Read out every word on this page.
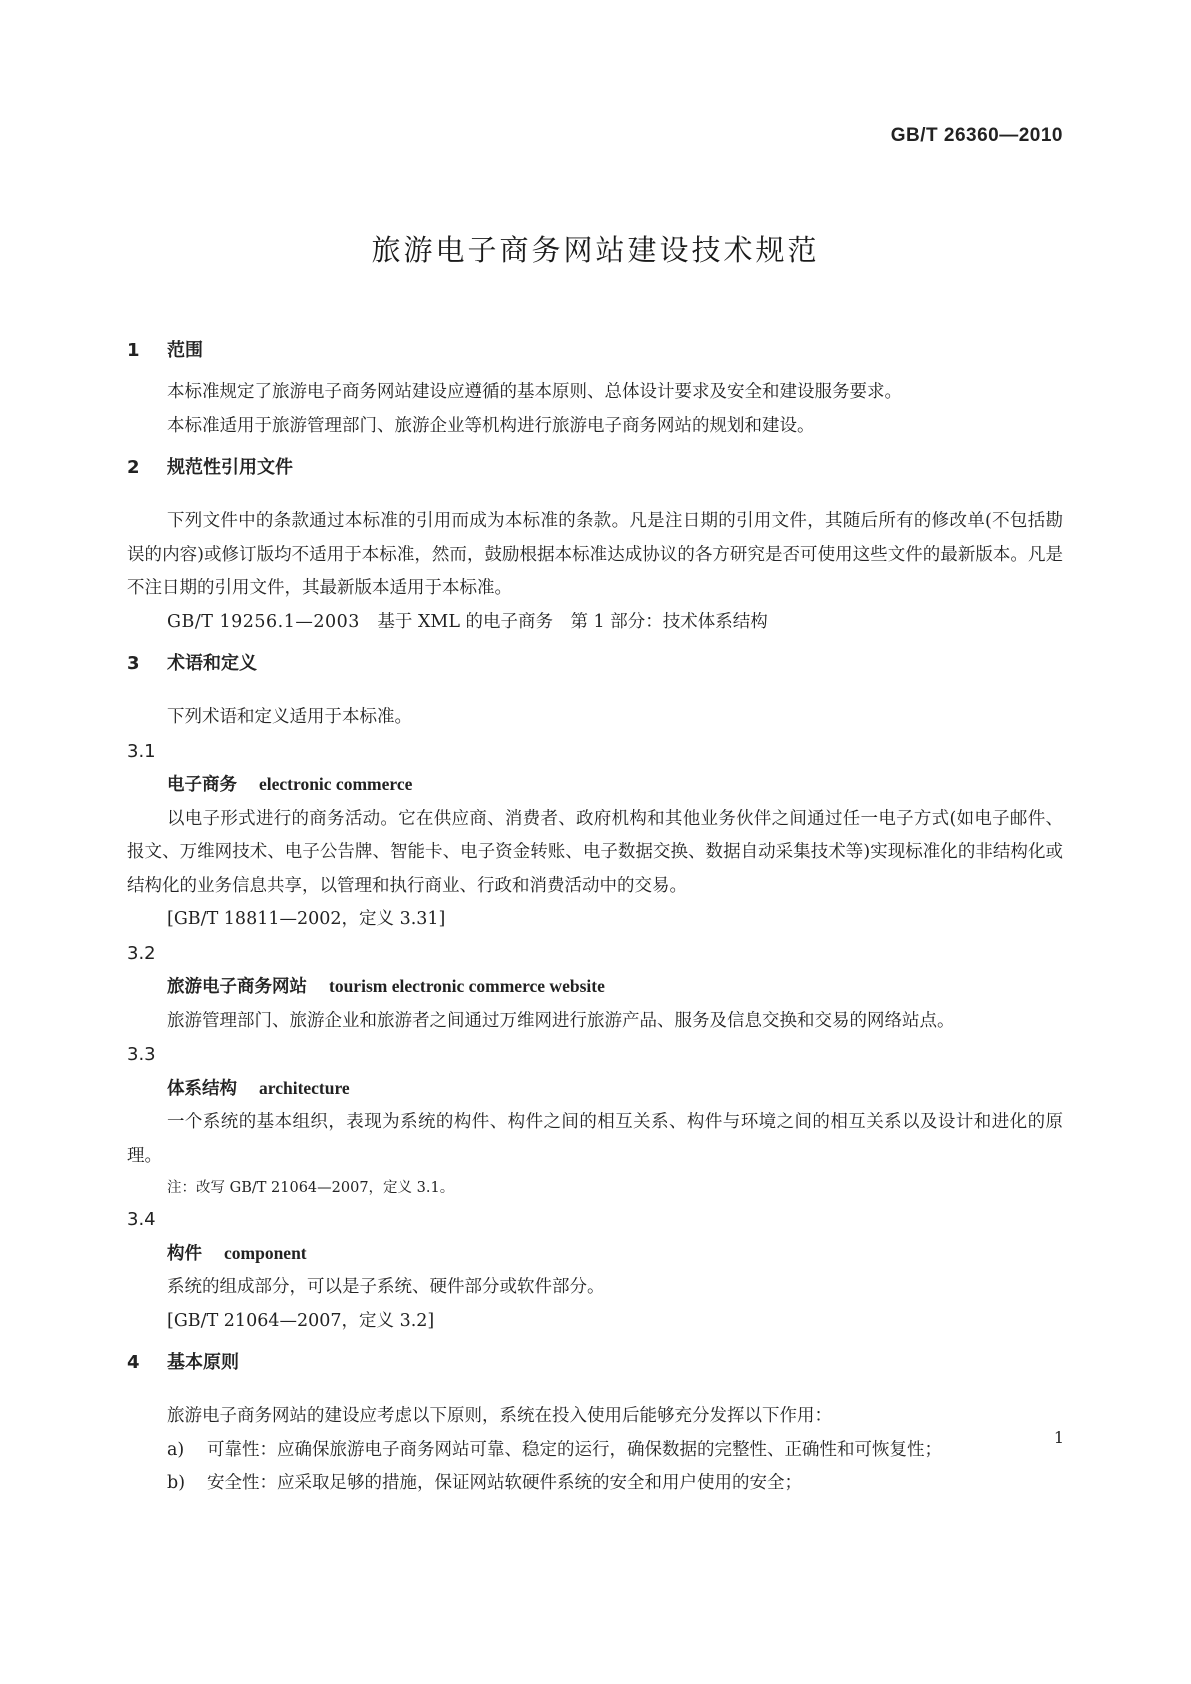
GB/T 26360—2010
旅游电子商务网站建设技术规范
1 范围

本标准规定了旅游电子商务网站建设应遵循的基本原则、总体设计要求及安全和建设服务要求。

本标准适用于旅游管理部门、旅游企业等机构进行旅游电子商务网站的规划和建设。

2 规范性引用文件

下列文件中的条款通过本标准的引用而成为本标准的条款。凡是注日期的引用文件，其随后所有的修改单(不包括勘误的内容)或修订版均不适用于本标准，然而，鼓励根据本标准达成协议的各方研究是否可使用这些文件的最新版本。凡是不注日期的引用文件，其最新版本适用于本标准。

GB/T 19256.1—2003　 基于 XML 的电子商务　第 1 部分：技术体系结构

3 术语和定义

下列术语和定义适用于本标准。

3.1

电子商务 electronic commerce

以电子形式进行的商务活动。它在供应商、消费者、政府机构和其他业务伙伴之间通过任一电子方式(如电子邮件、报文、万维网技术、电子公告牌、智能卡、电子资金转账、电子数据交换、数据自动采集技术等)实现标准化的非结构化或结构化的业务信息共享，以管理和执行商业、行政和消费活动中的交易。

[GB/T 18811—2002，定义 3.31]

3.2

旅游电子商务网站 tourism electronic commerce website

旅游管理部门、旅游企业和旅游者之间通过万维网进行旅游产品、服务及信息交换和交易的网络站点。

3.3

体系结构 architecture

一个系统的基本组织，表现为系统的构件、构件之间的相互关系、构件与环境之间的相互关系以及设计和进化的原理。

注：改写 GB/T 21064—2007，定义 3.1。

3.4

构件 component

系统的组成部分，可以是子系统、硬件部分或软件部分。

[GB/T 21064—2007，定义 3.2]

4 基本原则

旅游电子商务网站的建设应考虑以下原则，系统在投入使用后能够充分发挥以下作用：

a) 可靠性：应确保旅游电子商务网站可靠、稳定的运行，确保数据的完整性、正确性和可恢复性；

b) 安全性：应采取足够的措施，保证网站软硬件系统的安全和用户使用的安全；

1
